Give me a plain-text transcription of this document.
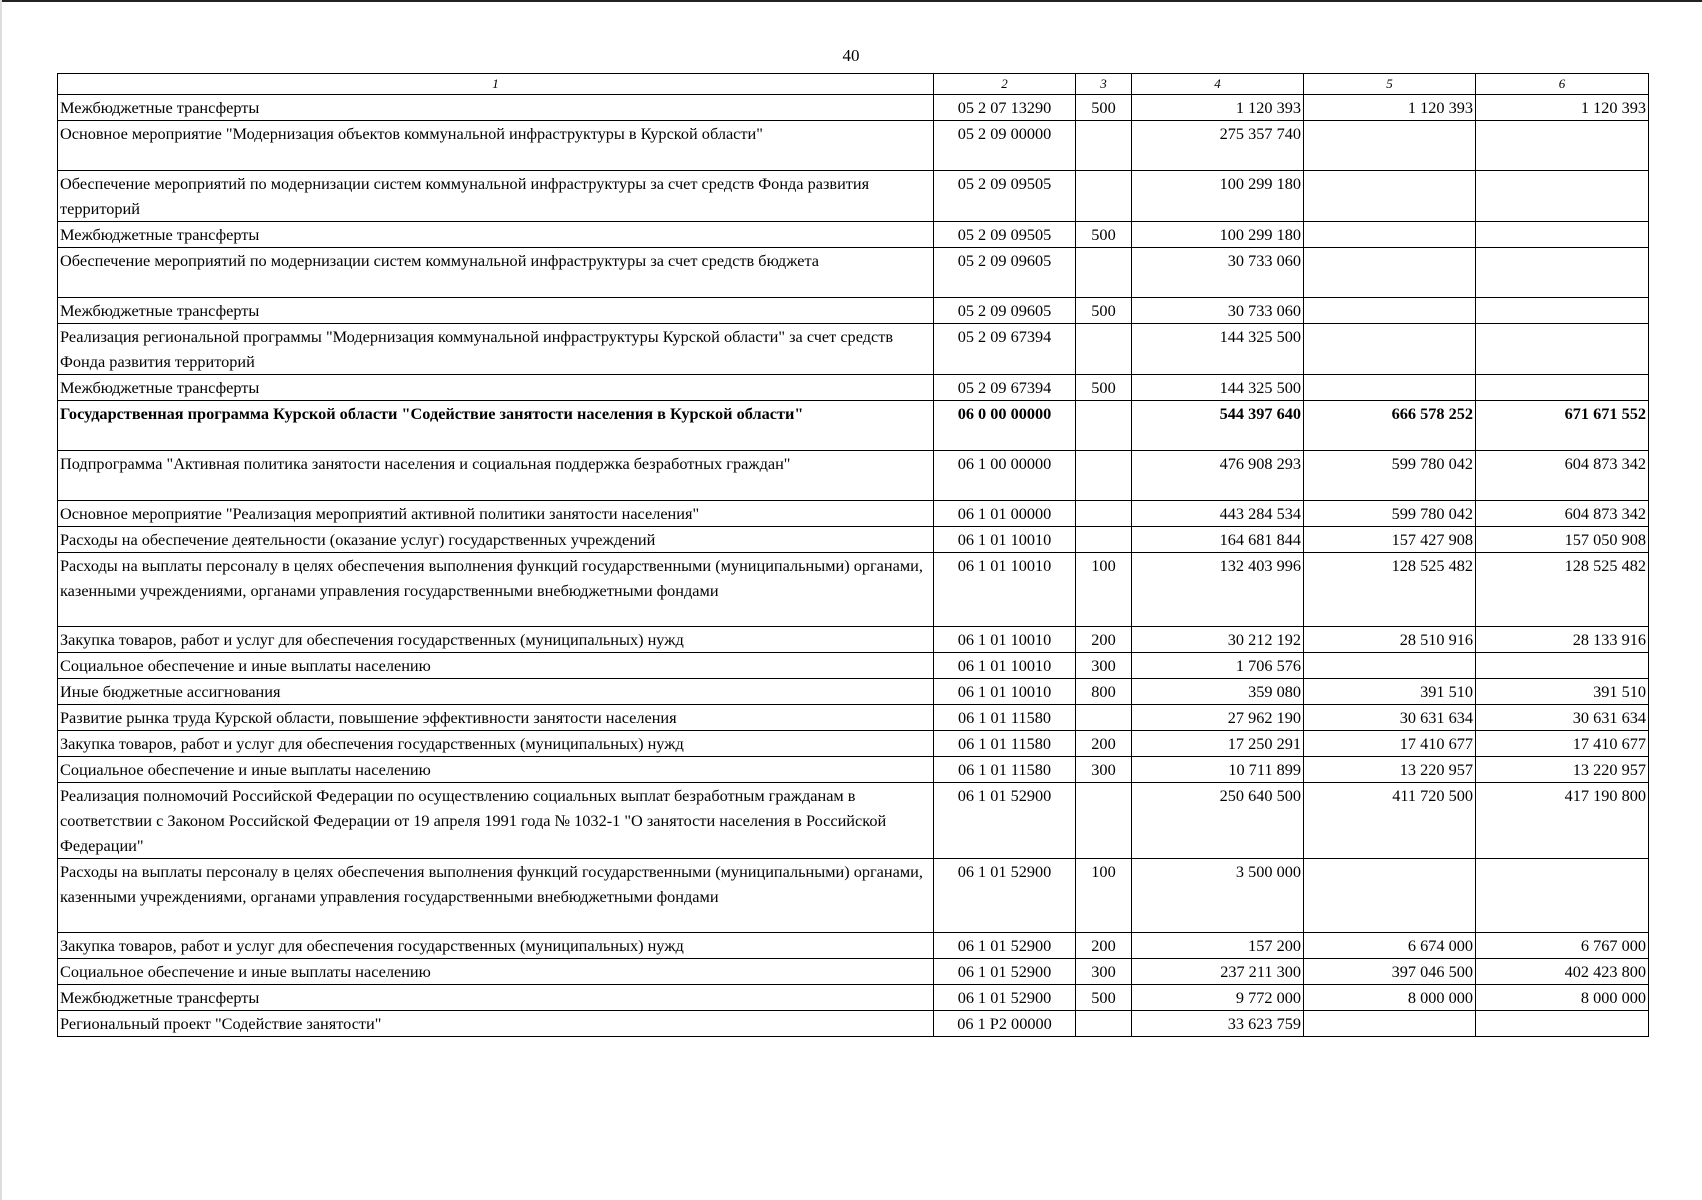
40
1	2	3	4	5	6
Межбюджетные трансферты	05 2 07 13290	500	1 120 393	1 120 393	1 120 393
Основное мероприятие "Модернизация объектов коммунальной инфраструктуры в Курской области"	05 2 09 00000		275 357 740		
Обеспечение мероприятий по модернизации систем коммунальной инфраструктуры за счет средств Фонда развития территорий	05 2 09 09505		100 299 180		
Межбюджетные трансферты	05 2 09 09505	500	100 299 180		
Обеспечение мероприятий по модернизации систем коммунальной инфраструктуры за счет средств бюджета	05 2 09 09605		30 733 060		
Межбюджетные трансферты	05 2 09 09605	500	30 733 060		
Реализация региональной программы "Модернизация коммунальной инфраструктуры Курской области" за счет средств Фонда развития территорий	05 2 09 67394		144 325 500		
Межбюджетные трансферты	05 2 09 67394	500	144 325 500		
Государственная программа Курской области "Содействие занятости населения в Курской области"	06 0 00 00000		544 397 640	666 578 252	671 671 552
Подпрограмма "Активная политика занятости населения и социальная поддержка безработных граждан"	06 1 00 00000		476 908 293	599 780 042	604 873 342
Основное мероприятие "Реализация мероприятий активной политики занятости населения"	06 1 01 00000		443 284 534	599 780 042	604 873 342
Расходы на обеспечение деятельности (оказание услуг) государственных учреждений	06 1 01 10010		164 681 844	157 427 908	157 050 908
Расходы на выплаты персоналу в целях обеспечения выполнения функций государственными (муниципальными) органами, казенными учреждениями, органами управления государственными внебюджетными фондами	06 1 01 10010	100	132 403 996	128 525 482	128 525 482
Закупка товаров, работ и услуг для обеспечения государственных (муниципальных) нужд	06 1 01 10010	200	30 212 192	28 510 916	28 133 916
Социальное обеспечение и иные выплаты населению	06 1 01 10010	300	1 706 576		
Иные бюджетные ассигнования	06 1 01 10010	800	359 080	391 510	391 510
Развитие рынка труда Курской области, повышение эффективности занятости населения	06 1 01 11580		27 962 190	30 631 634	30 631 634
Закупка товаров, работ и услуг для обеспечения государственных (муниципальных) нужд	06 1 01 11580	200	17 250 291	17 410 677	17 410 677
Социальное обеспечение и иные выплаты населению	06 1 01 11580	300	10 711 899	13 220 957	13 220 957
Реализация полномочий Российской Федерации по осуществлению социальных выплат безработным гражданам в соответствии с Законом Российской Федерации от 19 апреля 1991 года № 1032-1 "О занятости населения в Российской Федерации"	06 1 01 52900		250 640 500	411 720 500	417 190 800
Расходы на выплаты персоналу в целях обеспечения выполнения функций государственными (муниципальными) органами, казенными учреждениями, органами управления государственными внебюджетными фондами	06 1 01 52900	100	3 500 000		
Закупка товаров, работ и услуг для обеспечения государственных (муниципальных) нужд	06 1 01 52900	200	157 200	6 674 000	6 767 000
Социальное обеспечение и иные выплаты населению	06 1 01 52900	300	237 211 300	397 046 500	402 423 800
Межбюджетные трансферты	06 1 01 52900	500	9 772 000	8 000 000	8 000 000
Региональный проект "Содействие занятости"	06 1 P2 00000		33 623 759		
